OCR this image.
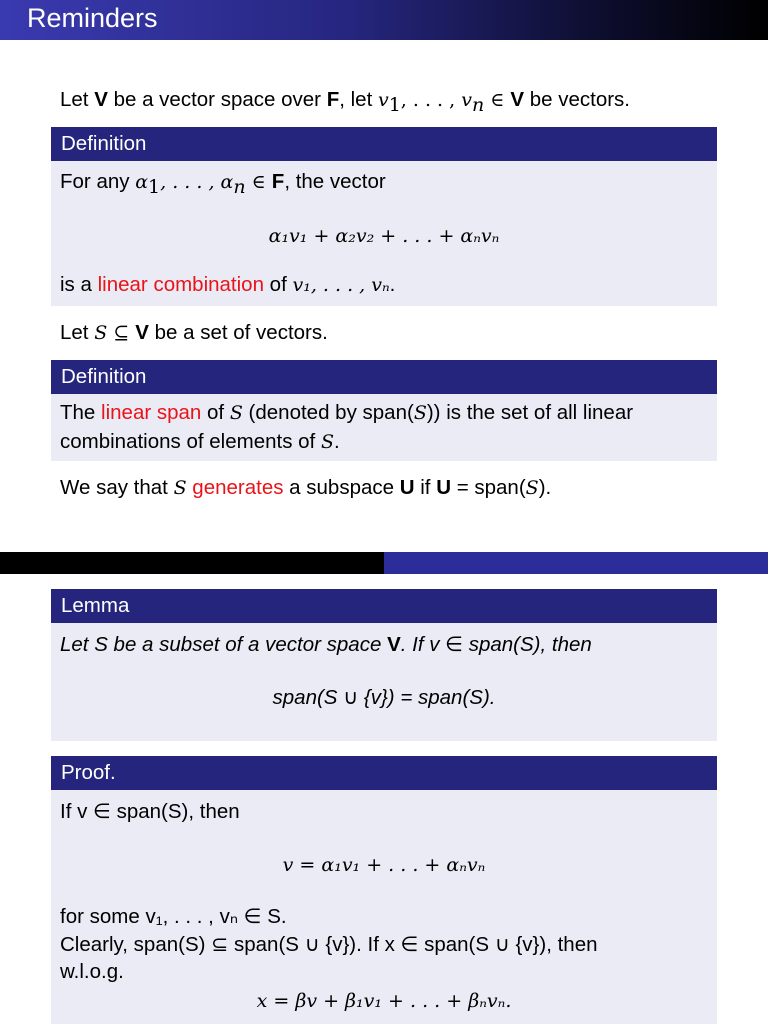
Reminders
Let V be a vector space over F, let $v_1$, . . . , $v_n$ ∈ V be vectors.
Definition
For any $\alpha_1$, . . . , $\alpha_n$ ∈ F, the vector
α₁v₁ + α₂v₂ + . . . + αₙvₙ
is a linear combination of v₁, . . . , vₙ.
Let S ⊆ V be a set of vectors.
Definition
The linear span of S (denoted by span(S)) is the set of all linear
combinations of elements of S.
We say that S generates a subspace U if U = span(S).
Lemma
Let S be a subset of a vector space V. If v ∈ span(S), then
span(S ∪ {v}) = span(S).
Proof.
If v ∈ span(S), then
v = α₁v₁ + . . . + αₙvₙ
for some v₁, . . . , vₙ ∈ S.
Clearly, span(S) ⊆ span(S ∪ {v}). If x ∈ span(S ∪ {v}), then
w.l.o.g.
x = βv + β₁v₁ + . . . + βₙvₙ.
